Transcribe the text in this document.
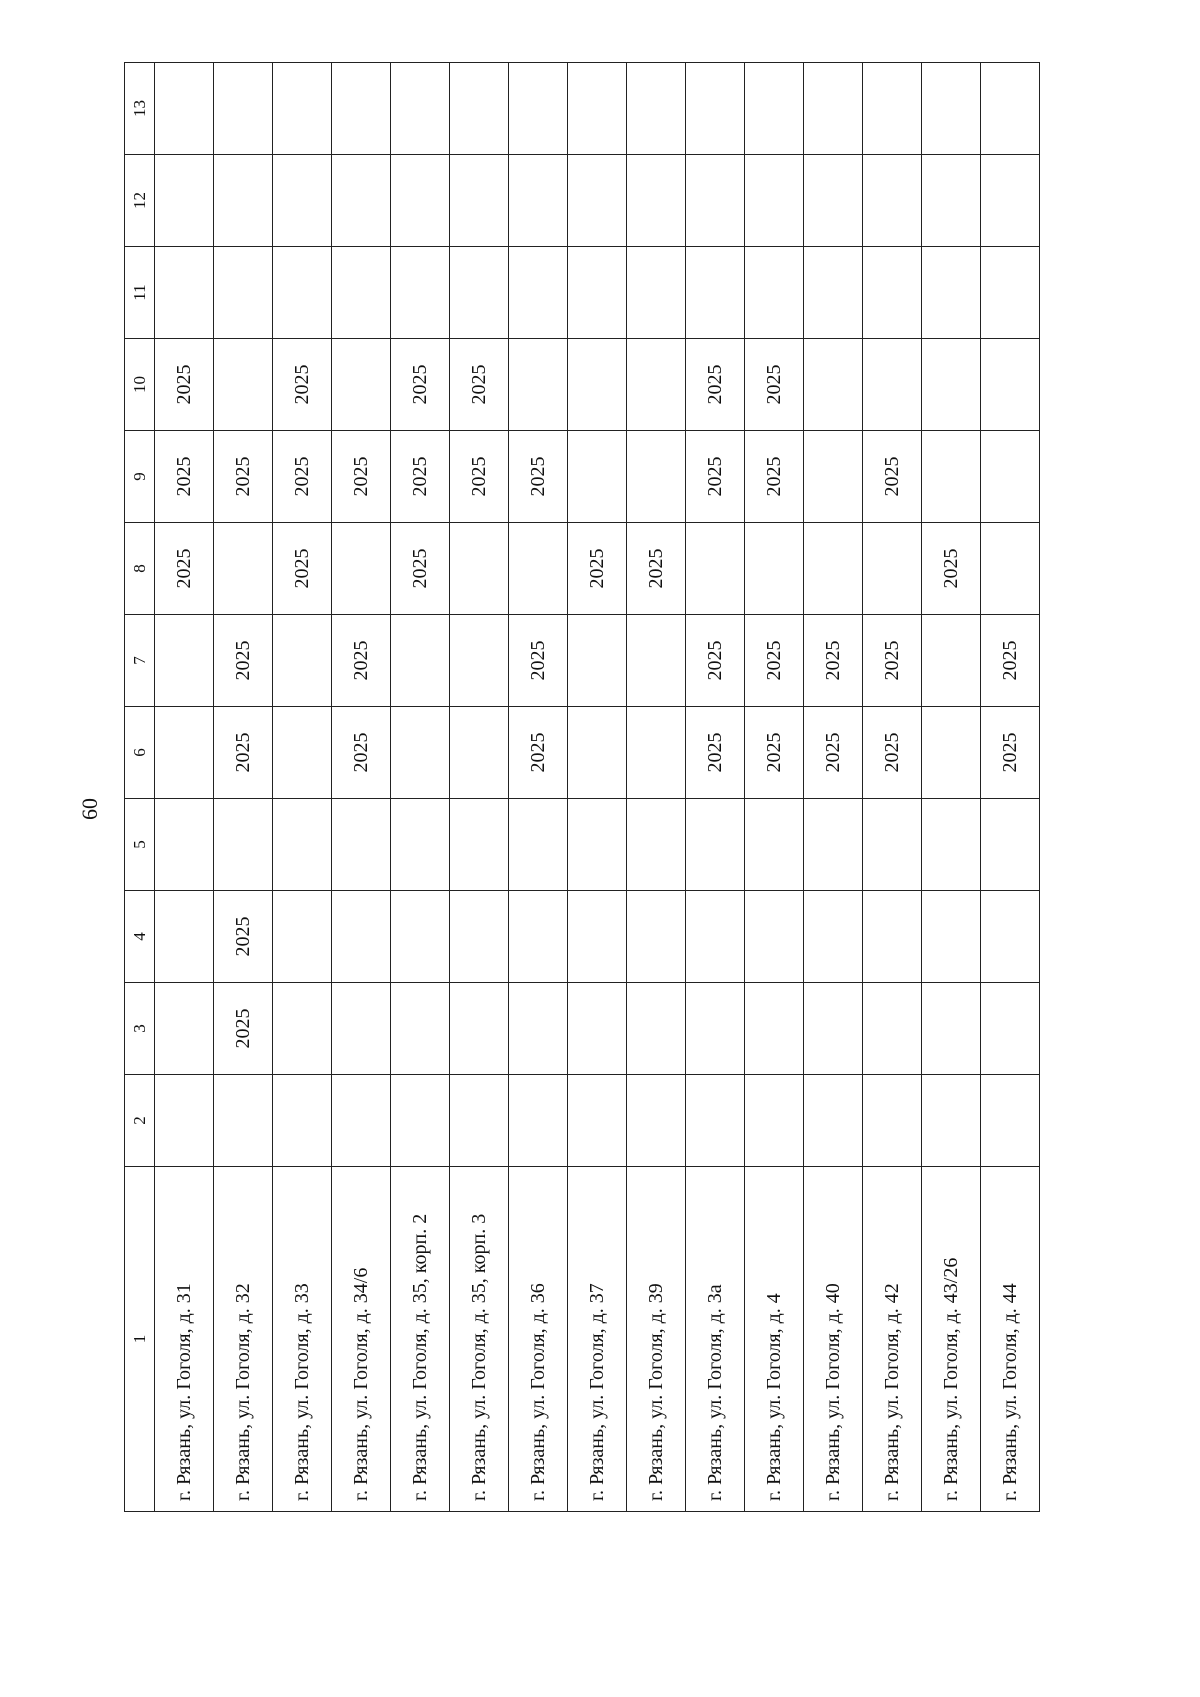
60
1	2	3	4	5	6	7	8	9	10	11	12	13
г. Рязань, ул. Гоголя, д. 31							2025	2025	2025			
г. Рязань, ул. Гоголя, д. 32		2025	2025		2025	2025		2025				
г. Рязань, ул. Гоголя, д. 33							2025	2025	2025			
г. Рязань, ул. Гоголя, д. 34/6					2025	2025		2025				
г. Рязань, ул. Гоголя, д. 35, корп. 2							2025	2025	2025			
г. Рязань, ул. Гоголя, д. 35, корп. 3								2025	2025			
г. Рязань, ул. Гоголя, д. 36					2025	2025		2025				
г. Рязань, ул. Гоголя, д. 37							2025					
г. Рязань, ул. Гоголя, д. 39							2025					
г. Рязань, ул. Гоголя, д. 3а					2025	2025		2025	2025			
г. Рязань, ул. Гоголя, д. 4					2025	2025		2025	2025			
г. Рязань, ул. Гоголя, д. 40					2025	2025						
г. Рязань, ул. Гоголя, д. 42					2025	2025		2025				
г. Рязань, ул. Гоголя, д. 43/26							2025					
г. Рязань, ул. Гоголя, д. 44					2025	2025						
